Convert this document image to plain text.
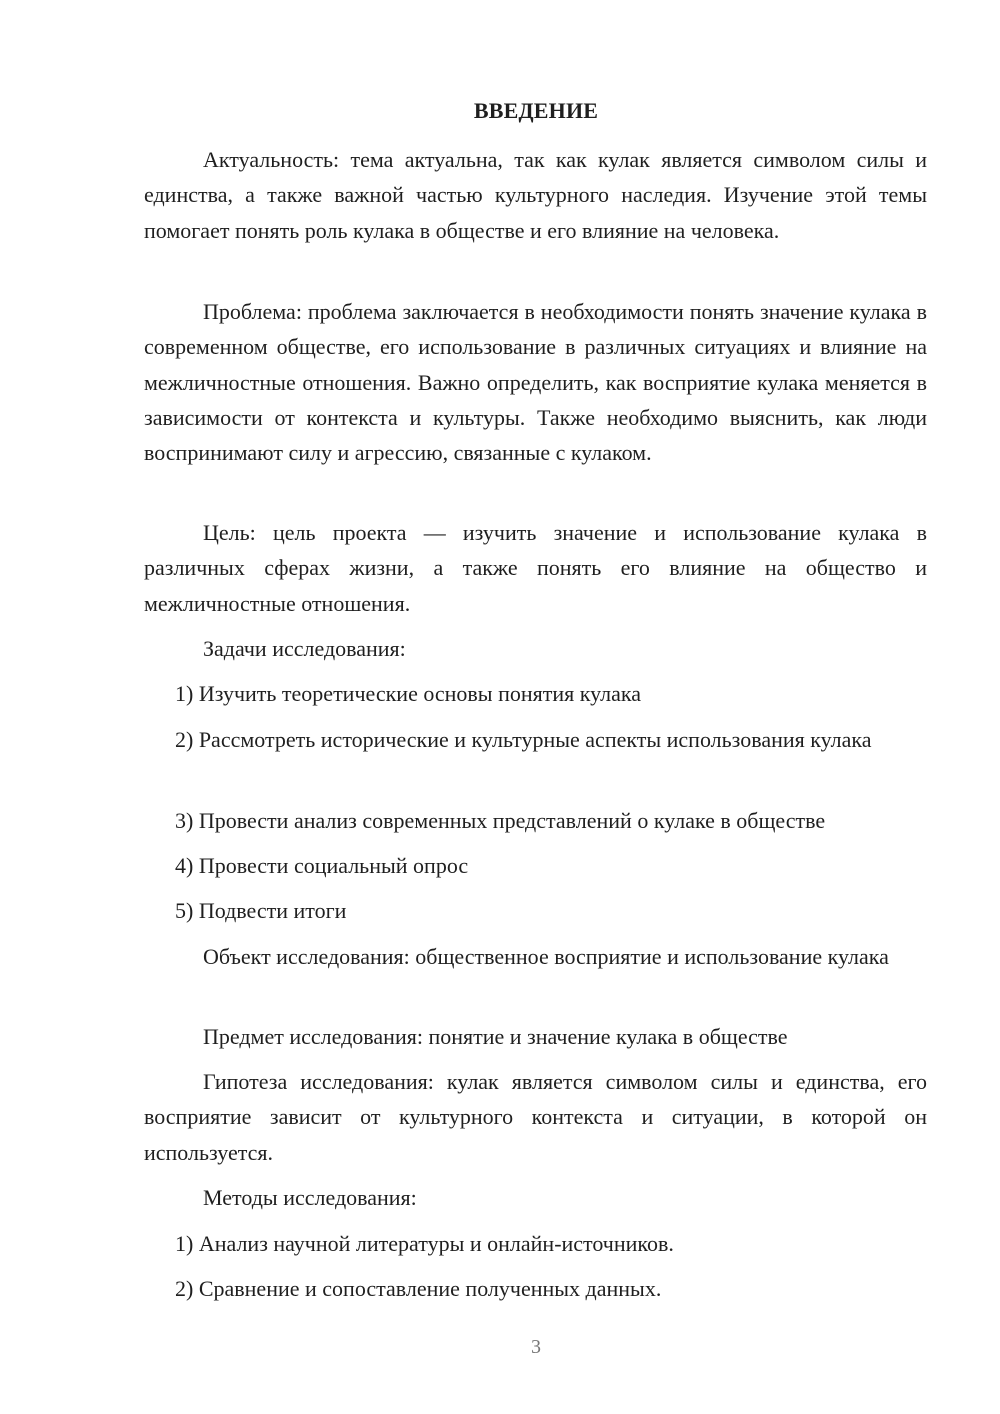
ВВЕДЕНИЕ

Актуальность: тема актуальна, так как кулак является символом силы и единства, а также важной частью культурного наследия. Изучение этой темы помогает понять роль кулака в обществе и его влияние на человека.

Проблема: проблема заключается в необходимости понять значение кулака в современном обществе, его использование в различных ситуациях и влияние на межличностные отношения. Важно определить, как восприятие кулака меняется в зависимости от контекста и культуры. Также необходимо выяснить, как люди воспринимают силу и агрессию, связанные с кулаком.

Цель: цель проекта — изучить значение и использование кулака в различных сферах жизни, а также понять его влияние на общество и межличностные отношения.

Задачи исследования:

1) Изучить теоретические основы понятия кулака

2) Рассмотреть исторические и культурные аспекты использования кулака

3) Провести анализ современных представлений о кулаке в обществе

4) Провести социальный опрос

5) Подвести итоги

Объект исследования: общественное восприятие и использование кулака

Предмет исследования: понятие и значение кулака в обществе

Гипотеза исследования: кулак является символом силы и единства, его восприятие зависит от культурного контекста и ситуации, в которой он используется.

Методы исследования:

1) Анализ научной литературы и онлайн-источников.

2) Сравнение и сопоставление полученных данных.

3
